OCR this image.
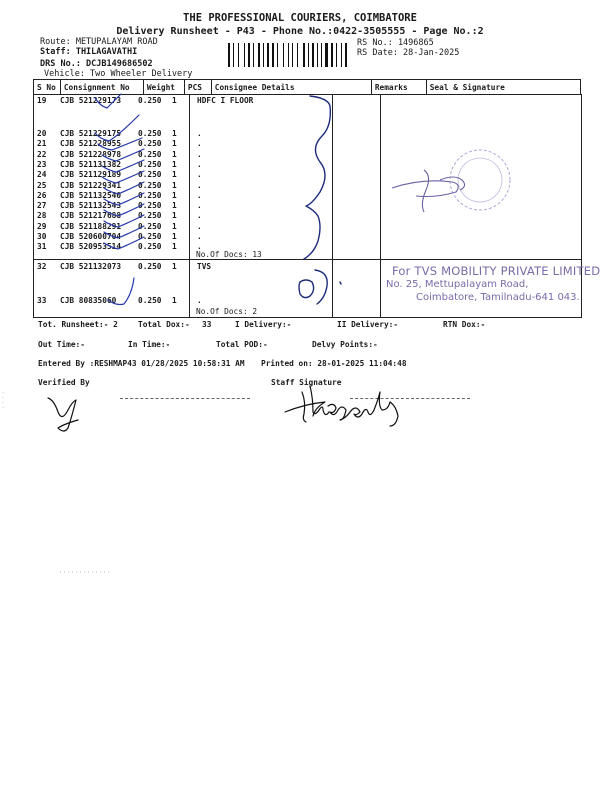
THE PROFESSIONAL COURIERS, COIMBATORE
Delivery Runsheet - P43 - Phone No.:0422-3505555 - Page No.:2
Route: METUPALAYAM ROAD
Staff: THILAGAVATHI
DRS No.: DCJB149686502
Vehicle: Two Wheeler Delivery
RS No.: 1496865
RS Date: 28-Jan-2025
S No	Consignment No	Weight	PCS	Consignee Details	Remarks	Seal & Signature
19 CJB 521229173 0.250 1	HDFC I FLOOR
20 CJB 521229175 0.250 1	.
21 CJB 521228955 0.250 1	.
22 CJB 521228978 0.250 1	.
23 CJB 521131382 0.250 1	.
24 CJB 521129189 0.250 1	.
25 CJB 521229341 0.250 1	.
26 CJB 521132540 0.250 1	.
27 CJB 521132543 0.250 1	.
28 CJB 521217688 0.250 1	.
29 CJB 521188291 0.250 1	.
30 CJB 520600704 0.250 1	.
31 CJB 520953514 0.250 1	.
No.Of Docs: 13
32 CJB 521132073 0.250 1	TVS
33 CJB 80835060	0.250 1	.
No.Of Docs: 2
For TVS MOBILITY PRIVATE LIMITED
No. 25, Mettupalayam Road,
Coimbatore, Tamilnadu-641 043.
Tot. Runsheet:- 2	Total Dox:- 33	I Delivery:-	II Delivery:-	RTN Dox:-
Out Time:-	In Time:-	Total POD:-	Delvy Points:-
Entered By :RESHMAP43 01/28/2025 10:58:31 AM Printed on: 28-01-2025 11:04:48
Verified By	Staff Signature
